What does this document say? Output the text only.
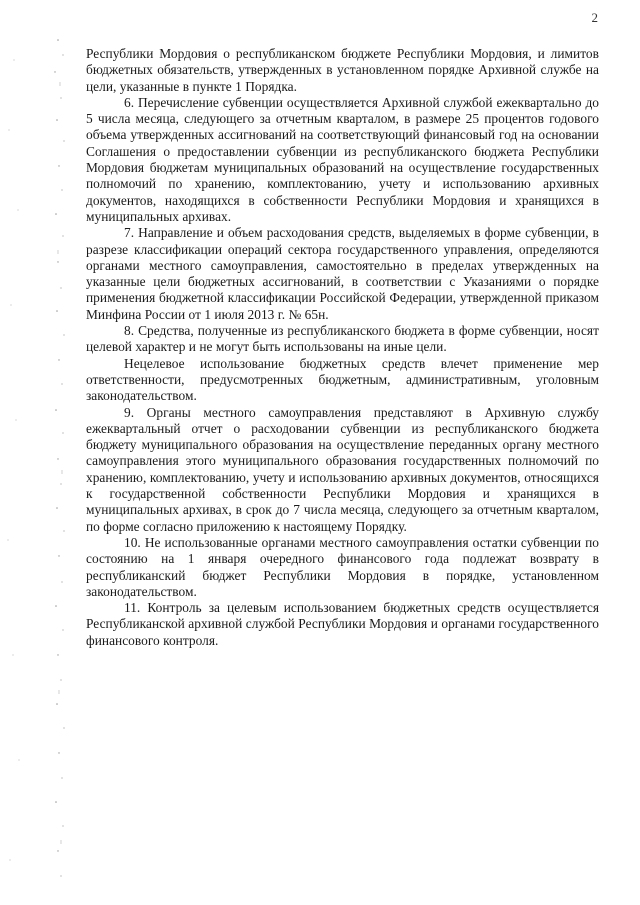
2

Республики Мордовия о республиканском бюджете Республики Мордовия, и лимитов бюджетных обязательств, утвержденных в установленном порядке Архивной службе на цели, указанные в пункте 1 Порядка.

6. Перечисление субвенции осуществляется Архивной службой ежеквартально до 5 числа месяца, следующего за отчетным кварталом, в размере 25 процентов годового объема утвержденных ассигнований на соответствующий финансовый год на основании Соглашения о предоставлении субвенции из республиканского бюджета Республики Мордовия бюджетам муниципальных образований на осуществление государственных полномочий по хранению, комплектованию, учету и использованию архивных документов, находящихся в собственности Республики Мордовия и хранящихся в муниципальных архивах.

7. Направление и объем расходования средств, выделяемых в форме субвенции, в разрезе классификации операций сектора государственного управления, определяются органами местного самоуправления, самостоятельно в пределах утвержденных на указанные цели бюджетных ассигнований, в соответствии с Указаниями о порядке применения бюджетной классификации Российской Федерации, утвержденной приказом Минфина России от 1 июля 2013 г. № 65н.

8. Средства, полученные из республиканского бюджета в форме субвенции, носят целевой характер и не могут быть использованы на иные цели.

Нецелевое использование бюджетных средств влечет применение мер ответственности, предусмотренных бюджетным, административным, уголовным законодательством.

9. Органы местного самоуправления представляют в Архивную службу ежеквартальный отчет о расходовании субвенции из республиканского бюджета бюджету муниципального образования на осуществление переданных органу местного самоуправления этого муниципального образования государственных полномочий по хранению, комплектованию, учету и использованию архивных документов, относящихся к государственной собственности Республики Мордовия и хранящихся в муниципальных архивах, в срок до 7 числа месяца, следующего за отчетным кварталом, по форме согласно приложению к настоящему Порядку.

10. Не использованные органами местного самоуправления остатки субвенции по состоянию на 1 января очередного финансового года подлежат возврату в республиканский бюджет Республики Мордовия в порядке, установленном законодательством.

11. Контроль за целевым использованием бюджетных средств осуществляется Республиканской архивной службой Республики Мордовия и органами государственного финансового контроля.
